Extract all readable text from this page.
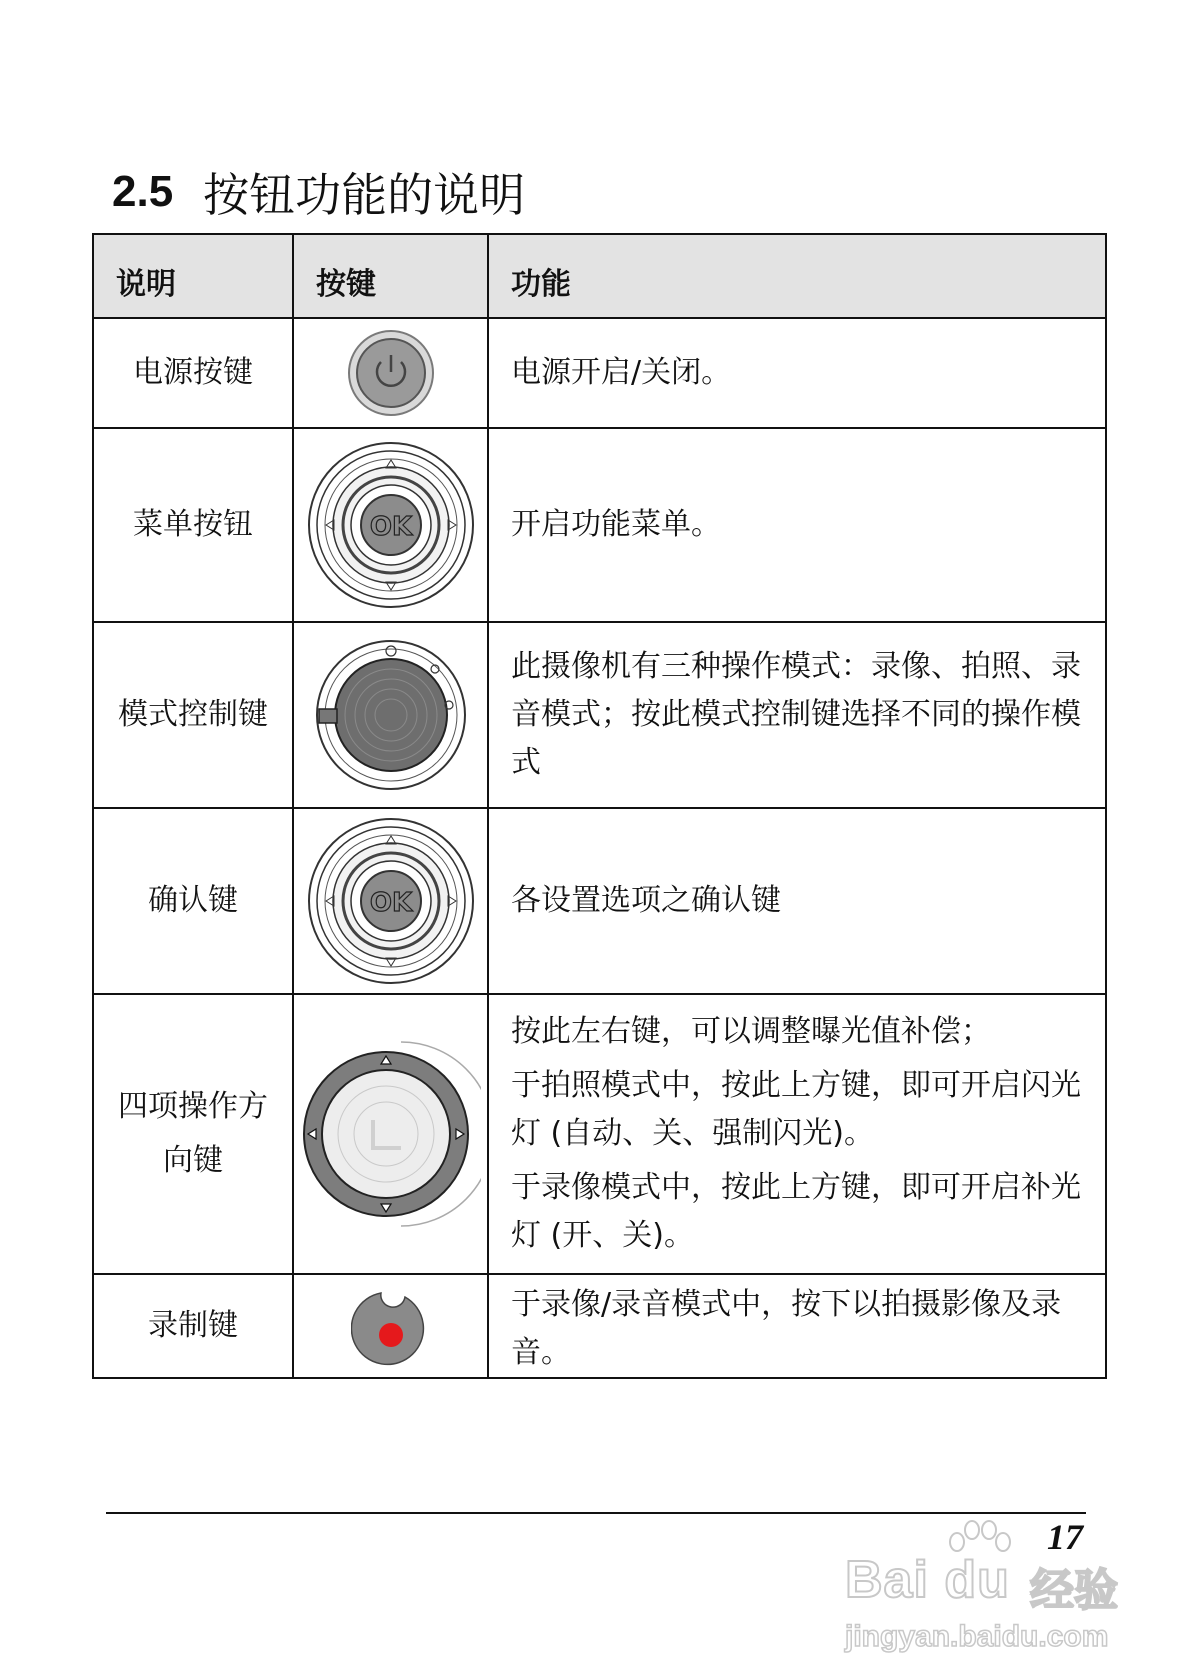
2.5 按钮功能的说明
说明	按键	功能
电源按键		电源开启/关闭。

菜单按钮	OK	开启功能菜单。

模式控制键		此摄像机有三种操作模式：录像、拍照、录音模式；按此模式控制键选择不同的操作模式

确认键	OK	各设置选项之确认键

四项操作方向键		按此左右键，可以调整曝光值补偿；

于拍照模式中，按此上方键，即可开启闪光灯 (自动、关、强制闪光)。

于录像模式中，按此上方键，即可开启补光灯 (开、关)。

录制键		于录像/录音模式中，按下以拍摄影像及录音。

17
Bai du 经验
jingyan.baidu.com
